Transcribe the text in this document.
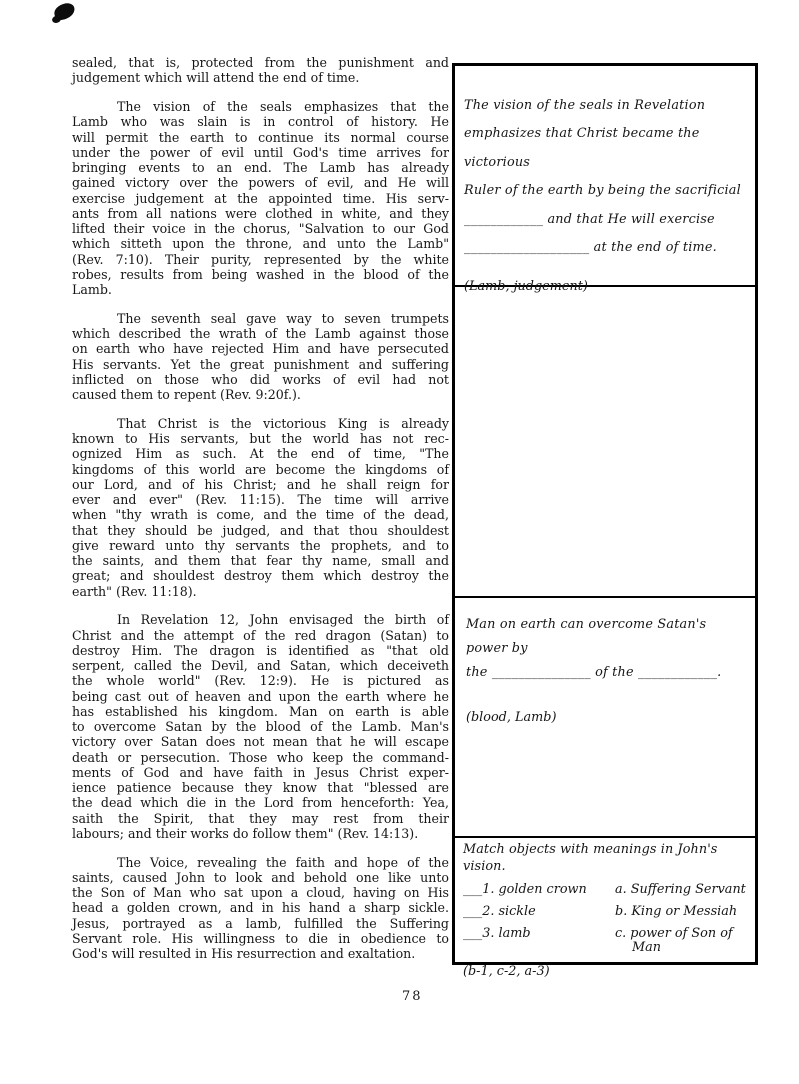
sealed, that is, protected from the punishment and
judgement which will attend the end of time.
The vision of the seals emphasizes that the
Lamb who was slain is in control of history. He
will permit the earth to continue its normal course
under the power of evil until God's time arrives for
bringing events to an end. The Lamb has already
gained victory over the powers of evil, and He will
exercise judgement at the appointed time. His serv-
ants from all nations were clothed in white, and they
lifted their voice in the chorus, "Salvation to our God
which sitteth upon the throne, and unto the Lamb"
(Rev. 7:10). Their purity, represented by the white
robes, results from being washed in the blood of the
Lamb.
The seventh seal gave way to seven trumpets
which described the wrath of the Lamb against those
on earth who have rejected Him and have persecuted
His servants. Yet the great punishment and suffering
inflicted on those who did works of evil had not
caused them to repent (Rev. 9:20f.).
That Christ is the victorious King is already
known to His servants, but the world has not rec-
ognized Him as such. At the end of time, "The
kingdoms of this world are become the kingdoms of
our Lord, and of his Christ; and he shall reign for
ever and ever" (Rev. 11:15). The time will arrive
when "thy wrath is come, and the time of the dead,
that they should be judged, and that thou shouldest
give reward unto thy servants the prophets, and to
the saints, and them that fear thy name, small and
great; and shouldest destroy them which destroy the
earth" (Rev. 11:18).
In Revelation 12, John envisaged the birth of
Christ and the attempt of the red dragon (Satan) to
destroy Him. The dragon is identified as "that old
serpent, called the Devil, and Satan, which deceiveth
the whole world" (Rev. 12:9). He is pictured as
being cast out of heaven and upon the earth where he
has established his kingdom. Man on earth is able
to overcome Satan by the blood of the Lamb. Man's
victory over Satan does not mean that he will escape
death or persecution. Those who keep the command-
ments of God and have faith in Jesus Christ exper-
ience patience because they know that "blessed are
the dead which die in the Lord from henceforth: Yea,
saith the Spirit, that they may rest from their
labours; and their works do follow them" (Rev. 14:13).
The Voice, revealing the faith and hope of the
saints, caused John to look and behold one like unto
the Son of Man who sat upon a cloud, having on His
head a golden crown, and in his hand a sharp sickle.
Jesus, portrayed as a lamb, fulfilled the Suffering
Servant role. His willingness to die in obedience to
God's will resulted in His resurrection and exaltation.
The vision of the seals in Revelation
emphasizes that Christ became the victorious
Ruler of the earth by being the sacrificial
____________ and that He will exercise
___________________ at the end of time.
(Lamb, judgement)
Man on earth can overcome Satan's power by
the _______________ of the ____________.
(blood, Lamb)
Match objects with meanings in John's vision.
___1. golden crown	a. Suffering Servant
___2. sickle	b. King or Messiah
___3. lamb	c. power of Son of Man
(b-1, c-2, a-3)
78
